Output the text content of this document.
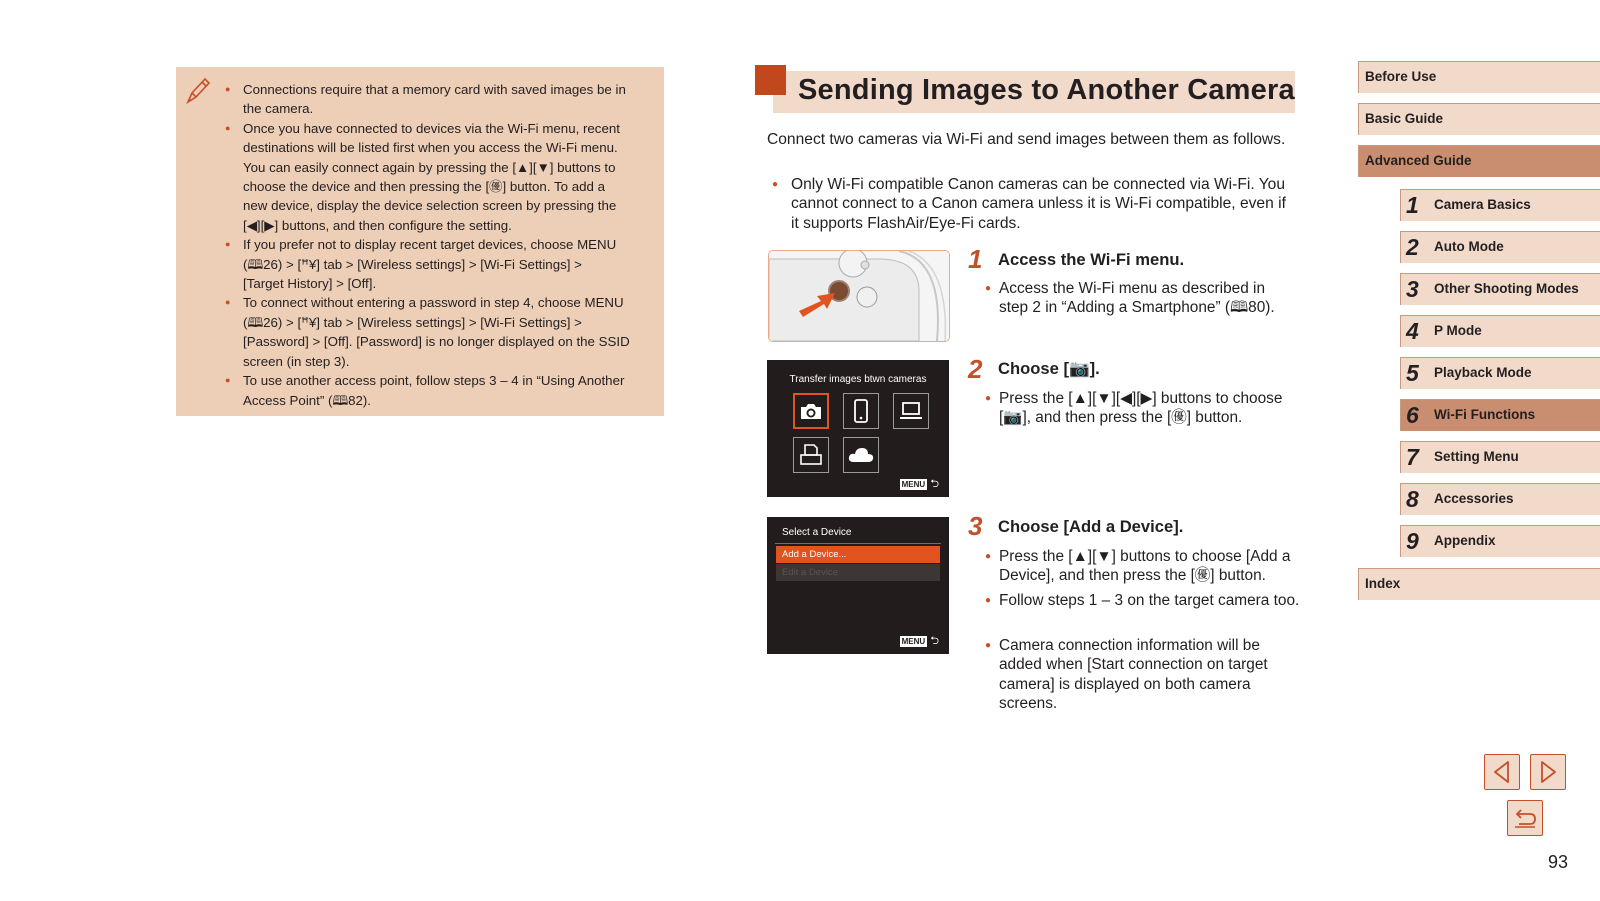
● Connections require that a memory card with saved images be in
the camera.
● Once you have connected to devices via the Wi-Fi menu, recent
destinations will be listed first when you access the Wi-Fi menu.
You can easily connect again by pressing the [▲][▼] buttons to
choose the device and then pressing the [㊝] button. To add a
new device, display the device selection screen by pressing the
[◀][▶] buttons, and then configure the setting.
● If you prefer not to display recent target devices, choose MENU
(🕮26) > [ꟸ¥] tab > [Wireless settings] > [Wi-Fi Settings] >
[Target History] > [Off].
● To connect without entering a password in step 4, choose MENU
(🕮26) > [ꟸ¥] tab > [Wireless settings] > [Wi-Fi Settings] >
[Password] > [Off]. [Password] is no longer displayed on the SSID
screen (in step 3).
● To use another access point, follow steps 3 – 4 in “Using Another
Access Point” (🕮82).
Sending Images to Another Camera
Connect two cameras via Wi-Fi and send images between them as follows.
● Only Wi-Fi compatible Canon cameras can be connected via Wi-Fi. You cannot connect to a Canon camera unless it is Wi-Fi compatible, even if it supports FlashAir/Eye-Fi cards.
Transfer images btwn cameras
MENU ⮌
Select a Device
Add a Device...
Edit a Device
MENU ⮌
1 Access the Wi-Fi menu.
● Access the Wi-Fi menu as described in step 2 in “Adding a Smartphone” (🕮80).
2 Choose [📷].
● Press the [▲][▼][◀][▶] buttons to choose [📷], and then press the [㊝] button.
3 Choose [Add a Device].
● Press the [▲][▼] buttons to choose [Add a Device], and then press the [㊝] button.
● Follow steps 1 – 3 on the target camera too.
● Camera connection information will be added when [Start connection on target camera] is displayed on both camera screens.
Before Use
Basic Guide
Advanced Guide
1 Camera Basics
2 Auto Mode
3 Other Shooting Modes
4 P Mode
5 Playback Mode
6 Wi-Fi Functions
7 Setting Menu
8 Accessories
9 Appendix
Index
93
